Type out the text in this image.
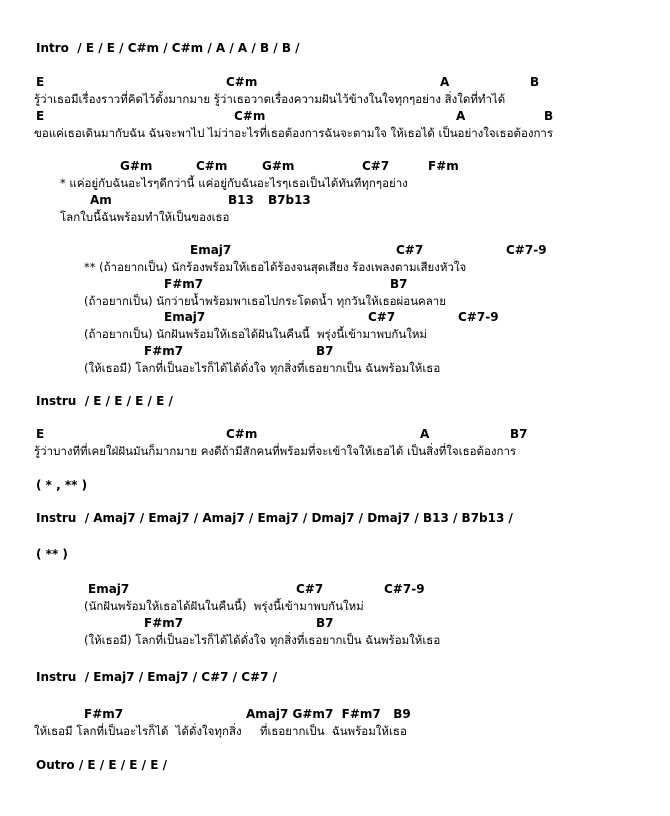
Intro  / E / E / C#m / C#m / A / A / B / B /
E	C#m	A	B
รู้ว่าเธอมีเรื่องราวที่คิดไว้ตั้งมากมาย รู้ว่าเธอวาดเรื่องความฝันไว้ข้างในใจทุกๆอย่าง สิ่งใดที่ทำได้
E	C#m	A	B
ขอแค่เธอเดินมากับฉัน ฉันจะพาไป ไม่ว่าอะไรที่เธอต้องการฉันจะตามใจ ให้เธอได้ เป็นอย่างใจเธอต้องการ
G#m	C#m	G#m	C#7	F#m
* แค่อยู่กับฉันอะไรๆดีกว่านี้ แค่อยู่กับฉันอะไรๆเธอเป็นได้ทันทีทุกๆอย่าง
Am	B13 B7b13
โลกใบนี้ฉันพร้อมทำให้เป็นของเธอ
Emaj7	C#7	C#7-9
** (ถ้าอยากเป็น) นักร้องพร้อมให้เธอได้ร้องจนสุดเสียง ร้องเพลงตามเสียงหัวใจ
F#m7	B7
(ถ้าอยากเป็น) นักว่ายน้ำพร้อมพาเธอไปกระโดดน้ำ ทุกวันให้เธอผ่อนคลาย
Emaj7	C#7	C#7-9
(ถ้าอยากเป็น) นักฝันพร้อมให้เธอได้ฝันในคืนนี้  พรุ่งนี้เข้ามาพบกันใหม่
F#m7	B7
(ให้เธอมี) โลกที่เป็นอะไรก็ได้ได้ดั่งใจ ทุกสิ่งที่เธอยากเป็น ฉันพร้อมให้เธอ
Instru  / E / E / E / E /
E	C#m	A	B7
รู้ว่าบางทีที่เคยใฝ่ฝันมันก็มากมาย คงดีถ้ามีสักคนที่พร้อมที่จะเข้าใจให้เธอได้ เป็นสิ่งที่ใจเธอต้องการ
( * , ** )
Instru  / Amaj7 / Emaj7 / Amaj7 / Emaj7 / Dmaj7 / Dmaj7 / B13 / B7b13 /
( ** )
Emaj7	C#7	C#7-9
(นักฝันพร้อมให้เธอได้ฝันในคืนนี้)  พรุ่งนี้เข้ามาพบกันใหม่
F#m7	B7
(ให้เธอมี) โลกที่เป็นอะไรก็ได้ได้ดั่งใจ ทุกสิ่งที่เธอยากเป็น ฉันพร้อมให้เธอ
Instru  / Emaj7 / Emaj7 / C#7 / C#7 /
F#m7	Amaj7 G#m7  F#m7   B9
ให้เธอมี โลกที่เป็นอะไรก็ได้  ได้ดั่งใจทุกสิ่ง     ที่เธอยากเป็น  ฉันพร้อมให้เธอ
Outro / E / E / E / E /
